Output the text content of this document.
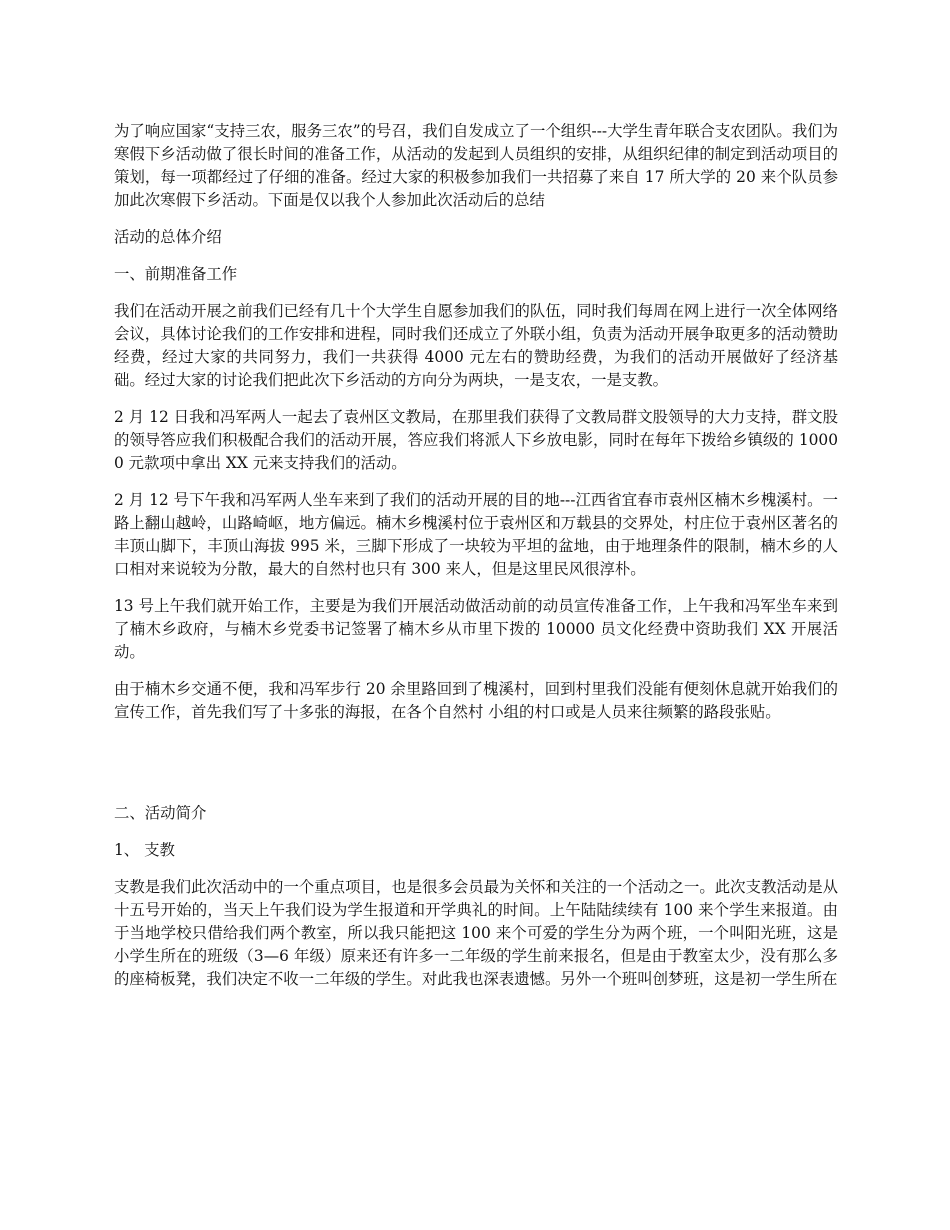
为了响应国家“支持三农，服务三农”的号召，我们自发成立了一个组织---大学生青年联合支农团队。我们为寒假下乡活动做了很长时间的准备工作，从活动的发起到人员组织的安排，从组织纪律的制定到活动项目的策划，每一项都经过了仔细的准备。经过大家的积极参加我们一共招募了来自 17 所大学的 20 来个队员参加此次寒假下乡活动。下面是仅以我个人参加此次活动后的总结

活动的总体介绍

一、前期准备工作

我们在活动开展之前我们已经有几十个大学生自愿参加我们的队伍，同时我们每周在网上进行一次全体网络会议，具体讨论我们的工作安排和进程，同时我们还成立了外联小组，负责为活动开展争取更多的活动赞助经费，经过大家的共同努力，我们一共获得 4000 元左右的赞助经费，为我们的活动开展做好了经济基础。经过大家的讨论我们把此次下乡活动的方向分为两块，一是支农，一是支教。

2 月 12 日我和冯军两人一起去了袁州区文教局，在那里我们获得了文教局群文股领导的大力支持，群文股的领导答应我们积极配合我们的活动开展，答应我们将派人下乡放电影，同时在每年下拨给乡镇级的 10000 元款项中拿出 XX 元来支持我们的活动。

2 月 12 号下午我和冯军两人坐车来到了我们的活动开展的目的地---江西省宜春市袁州区楠木乡槐溪村。一路上翻山越岭，山路崎岖，地方偏远。楠木乡槐溪村位于袁州区和万载县的交界处，村庄位于袁州区著名的丰顶山脚下，丰顶山海拔 995 米，三脚下形成了一块较为平坦的盆地，由于地理条件的限制，楠木乡的人口相对来说较为分散，最大的自然村也只有 300 来人，但是这里民风很淳朴。

13 号上午我们就开始工作，主要是为我们开展活动做活动前的动员宣传准备工作，上午我和冯军坐车来到了楠木乡政府，与楠木乡党委书记签署了楠木乡从市里下拨的 10000 员文化经费中资助我们 XX 开展活动。

由于楠木乡交通不便，我和冯军步行 20 余里路回到了槐溪村，回到村里我们没能有便刻休息就开始我们的宣传工作，首先我们写了十多张的海报，在各个自然村 小组的村口或是人员来往频繁的路段张贴。

二、活动简介

1、 支教

支教是我们此次活动中的一个重点项目，也是很多会员最为关怀和关注的一个活动之一。此次支教活动是从十五号开始的，当天上午我们设为学生报道和开学典礼的时间。上午陆陆续续有 100 来个学生来报道。由于当地学校只借给我们两个教室，所以我只能把这 100 来个可爱的学生分为两个班，一个叫阳光班，这是小学生所在的班级（3—6 年级）原来还有许多一二年级的学生前来报名，但是由于教室太少，没有那么多的座椅板凳，我们决定不收一二年级的学生。对此我也深表遗憾。另外一个班叫创梦班，这是初一学生所在
